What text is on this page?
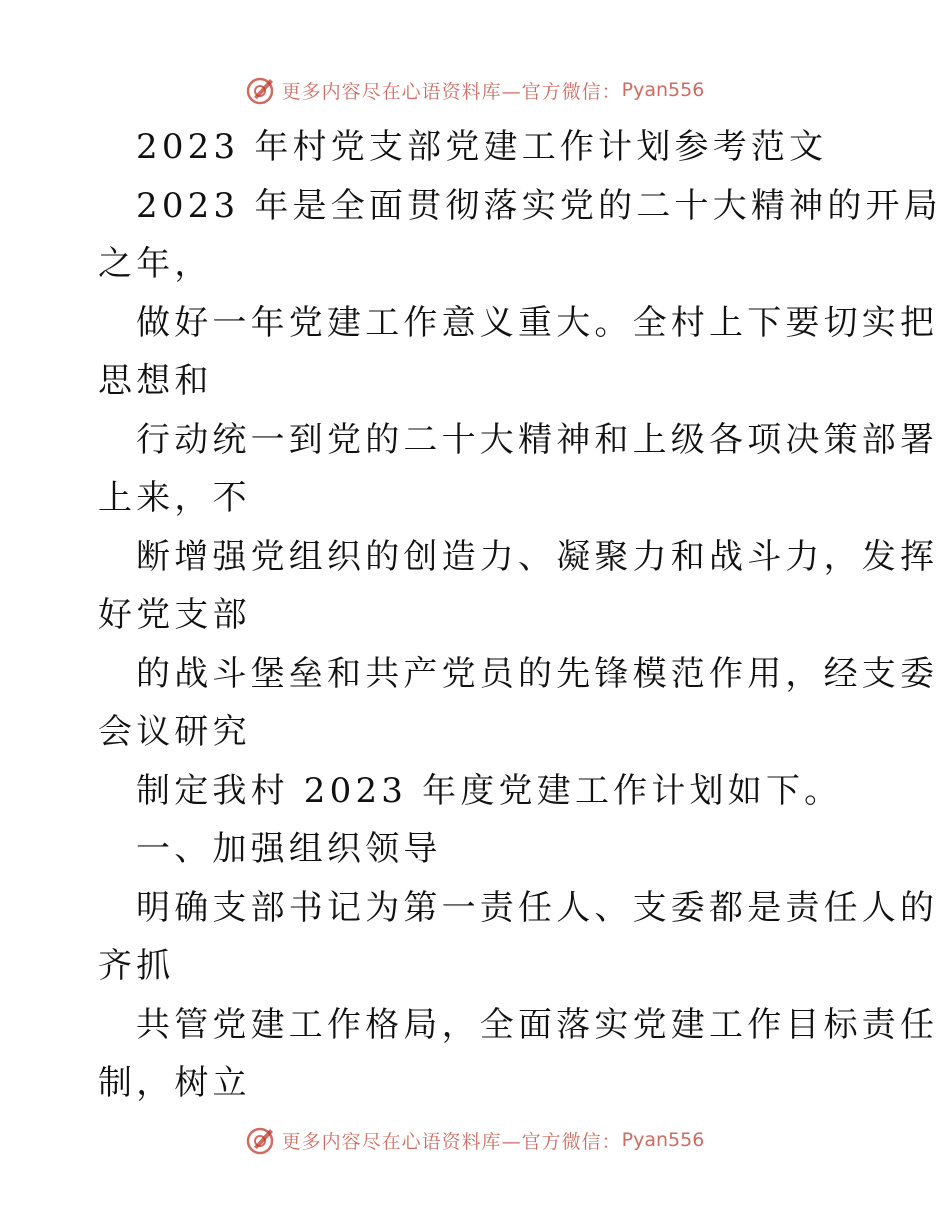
更多内容尽在心语资料库—官方微信： Pyan556
2023 年村党支部党建工作计划参考范文
2023 年是全面贯彻落实党的二十大精神的开局
之年，
做好一年党建工作意义重大。全村上下要切实把
思想和
行动统一到党的二十大精神和上级各项决策部署
上来，不
断增强党组织的创造力、凝聚力和战斗力，发挥
好党支部
的战斗堡垒和共产党员的先锋模范作用，经支委
会议研究
制定我村 2023 年度党建工作计划如下。
一、加强组织领导
明确支部书记为第一责任人、支委都是责任人的
齐抓
共管党建工作格局，全面落实党建工作目标责任
制，树立
更多内容尽在心语资料库—官方微信： Pyan556
